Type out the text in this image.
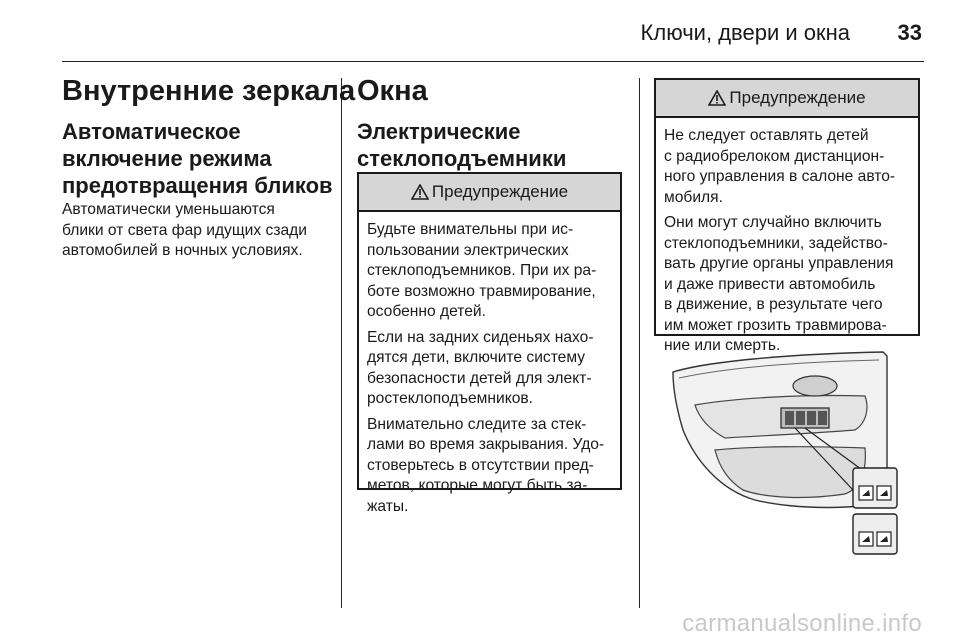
Ключи, двери и окна	33
Внутренние зеркала
Автоматическое
включение режима
предотвращения бликов
Автоматически уменьшаются
блики от света фар идущих сзади
автомобилей в ночных условиях.
Окна
Электрические
стеклоподъемники
Предупреждение
Будьте внимательны при ис-
пользовании электрических
стеклоподъемников. При их ра-
боте возможно травмирование,
особенно детей.
Если на задних сиденьях нахо-
дятся дети, включите систему
безопасности детей для элект-
ростеклоподъемников.
Внимательно следите за стек-
лами во время закрывания. Удо-
стоверьтесь в отсутствии пред-
метов, которые могут быть за-
жаты.
Предупреждение
Не следует оставлять детей
с радиобрелоком дистанцион-
ного управления в салоне авто-
мобиля.
Они могут случайно включить
стеклоподъемники, задейство-
вать другие органы управления
и даже привести автомобиль
в движение, в результате чего
им может грозить травмирова-
ние или смерть.
carmanualsonline.info
